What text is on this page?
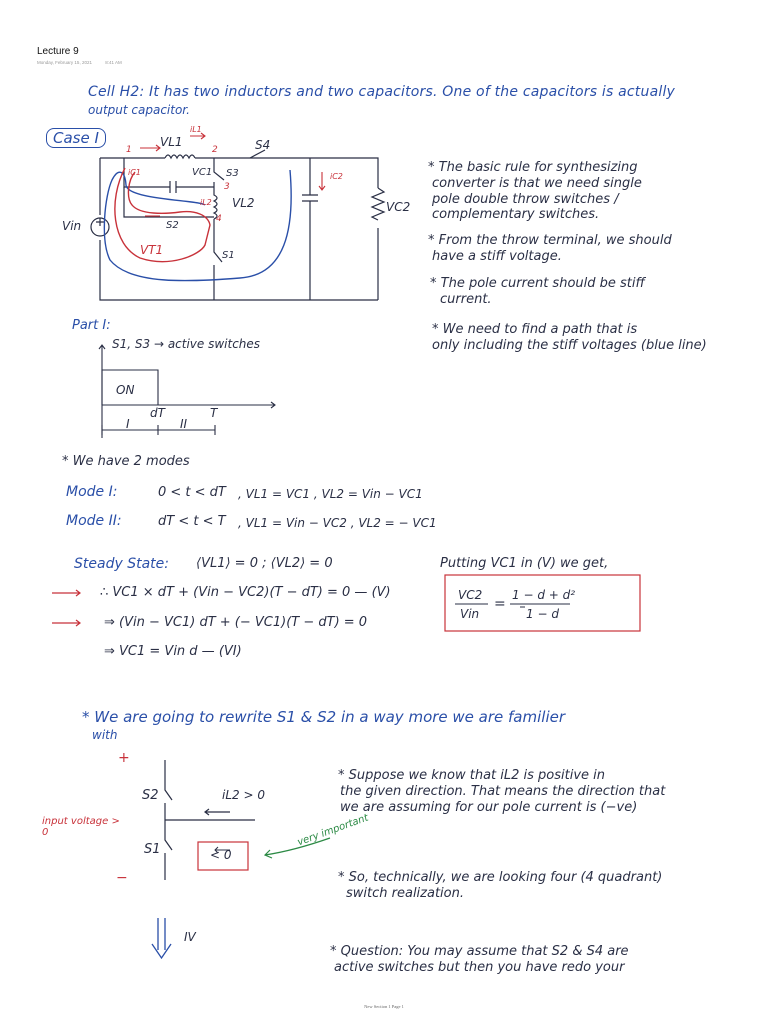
Lecture 9
Monday, February 15, 2021	8:41 AM
Cell H2: It has two inductors and two capacitors. One of the capacitors is actually
output capacitor.
Case I	VL1
iL1
S4
VC1 S3
iL2 VL2
Vin	S2
S1
VC2
VT1
iC1	iC2
1	2
3
4
* The basic rule for synthesizing
converter is that we need single
pole double throw switches /
complementary switches.
* From the throw terminal, we should
have a stiff voltage.
* The pole current should be stiff
current.
* We need to find a path that is
only including the stiff voltages (blue line)
Part I:
S1, S3 → active switches
ON
dT	T
I	II
* We have 2 modes
Mode I:	0 < t < dT , VL1 = VC1 , VL2 = Vin − VC1
Mode II:	dT < t < T , VL1 = Vin − VC2 , VL2 = − VC1
Steady State: ⟨VL1⟩ = 0 ; ⟨VL2⟩ = 0
∴ VC1 × dT + (Vin − VC2)(T − dT) = 0 — (V)
⇒ (Vin − VC1) dT + (− VC1)(T − dT) = 0
⇒ VC1 = Vin d — (VI)
Putting VC1 in (V) we get,
VC2
Vin
=
1 − d + d²
1 − d
* We are going to rewrite S1 & S2 in a way more we are familier
with
+
−
S2
S1
iL2 > 0
< 0
input voltage > 0	very important
* Suppose we know that iL2 is positive in
the given direction. That means the direction that
we are assuming for our pole current is (−ve)
* So, technically, we are looking four (4 quadrant)
switch realization.
* Question: You may assume that S2 & S4 are
active switches but then you have redo your
IV
New Section 1 Page 1
